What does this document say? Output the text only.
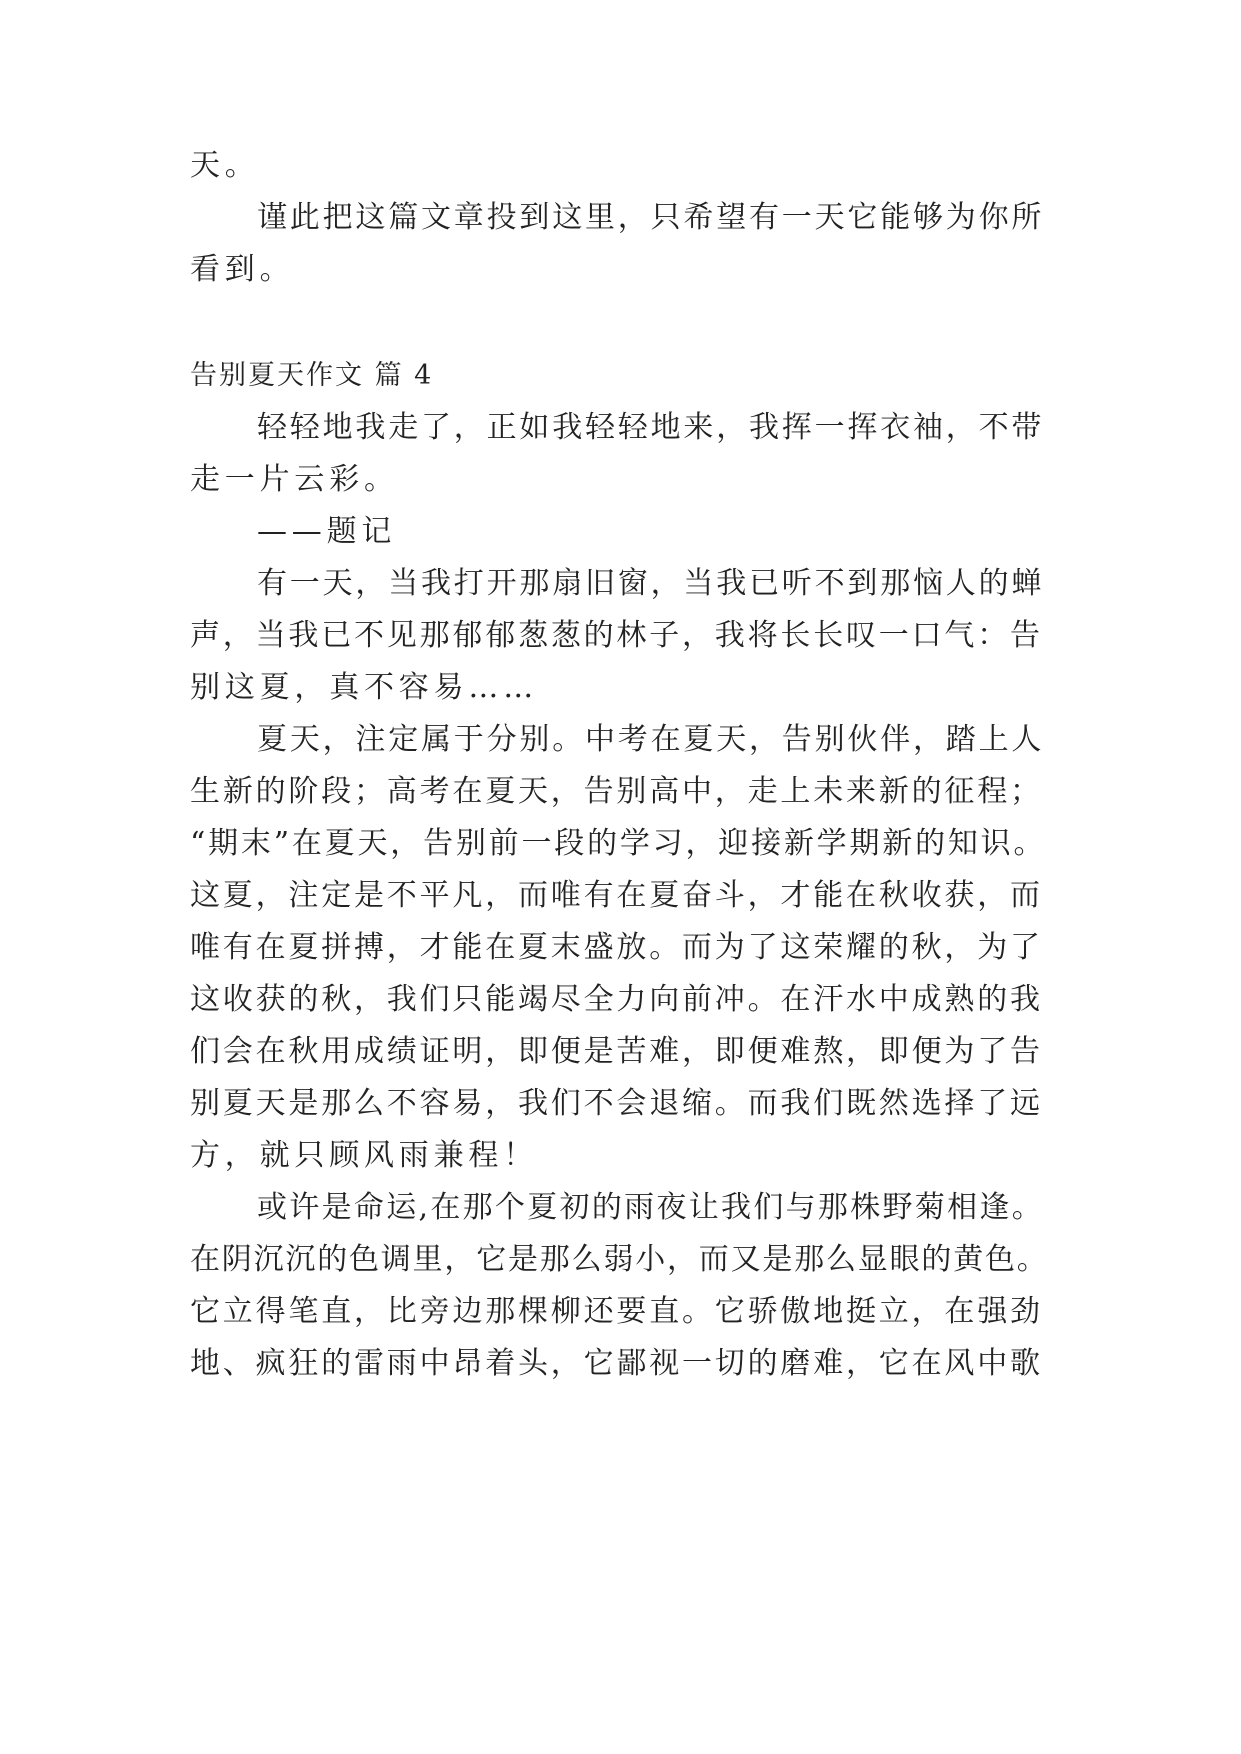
天。
谨此把这篇文章投到这里，只希望有一天它能够为你所
看到。
告别夏天作文 篇 4
轻轻地我走了，正如我轻轻地来，我挥一挥衣袖，不带
走一片云彩。
——题记
有一天，当我打开那扇旧窗，当我已听不到那恼人的蝉
声，当我已不见那郁郁葱葱的林子，我将长长叹一口气：告
别这夏，真不容易……
夏天，注定属于分别。中考在夏天，告别伙伴，踏上人
生新的阶段；高考在夏天，告别高中，走上未来新的征程；
“期末”在夏天，告别前一段的学习，迎接新学期新的知识。
这夏，注定是不平凡，而唯有在夏奋斗，才能在秋收获，而
唯有在夏拼搏，才能在夏末盛放。而为了这荣耀的秋，为了
这收获的秋，我们只能竭尽全力向前冲。在汗水中成熟的我
们会在秋用成绩证明，即便是苦难，即便难熬，即便为了告
别夏天是那么不容易，我们不会退缩。而我们既然选择了远
方，就只顾风雨兼程！
或许是命运,在那个夏初的雨夜让我们与那株野菊相逢。
在阴沉沉的色调里，它是那么弱小，而又是那么显眼的黄色。
它立得笔直，比旁边那棵柳还要直。它骄傲地挺立，在强劲
地、疯狂的雷雨中昂着头，它鄙视一切的磨难，它在风中歌
